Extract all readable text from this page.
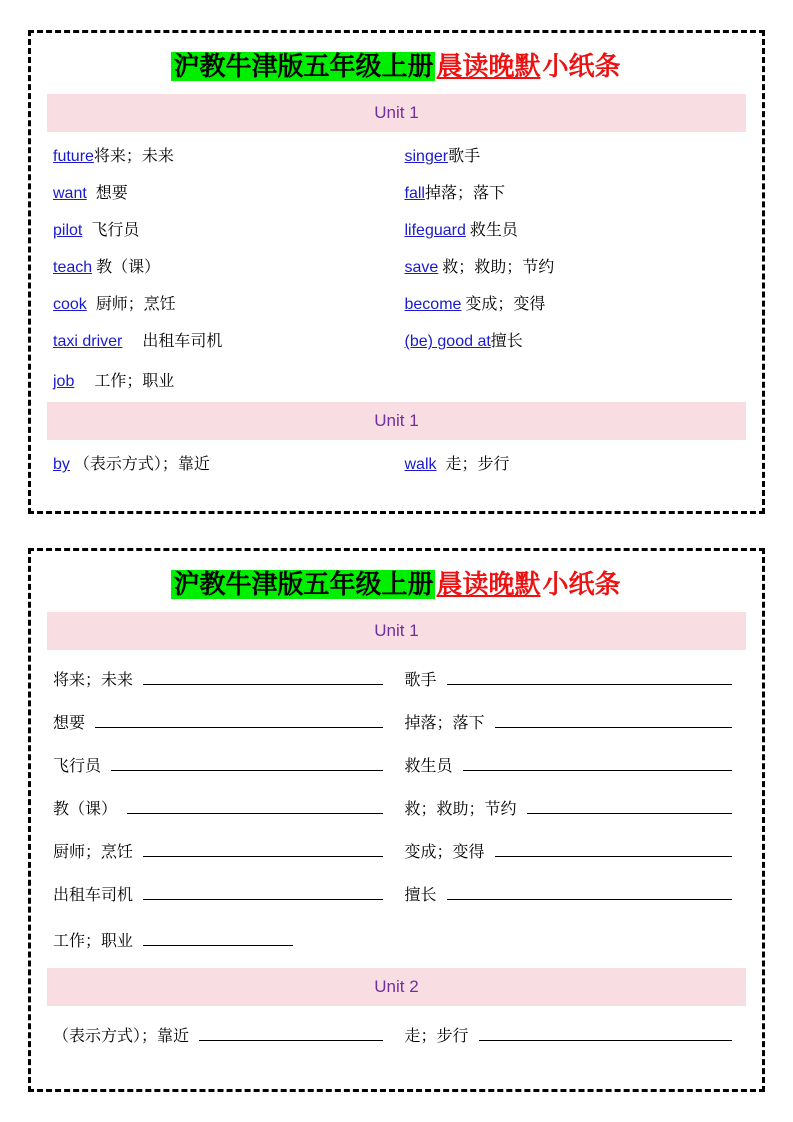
沪教牛津版五年级上册 晨读晚默小纸条
Unit 1
future 将来；未来	singer 歌手
want 想要	fall 掉落；落下
pilot 飞行员	lifeguard 救生员
teach 教（课）	save 救；救助；节约
cook 厨师；烹饪	become 变成；变得
taxi driver 出租车司机	(be) good at 擅长
job 工作；职业
Unit 1
by （表示方式）；靠近	walk 走；步行
沪教牛津版五年级上册 晨读晚默小纸条
Unit 1
将来；未来	歌手
想要	掉落；落下
飞行员	救生员
教（课）	救；救助；节约
厨师；烹饪	变成；变得
出租车司机	擅长
工作；职业
Unit 2
（表示方式）；靠近	走；步行
